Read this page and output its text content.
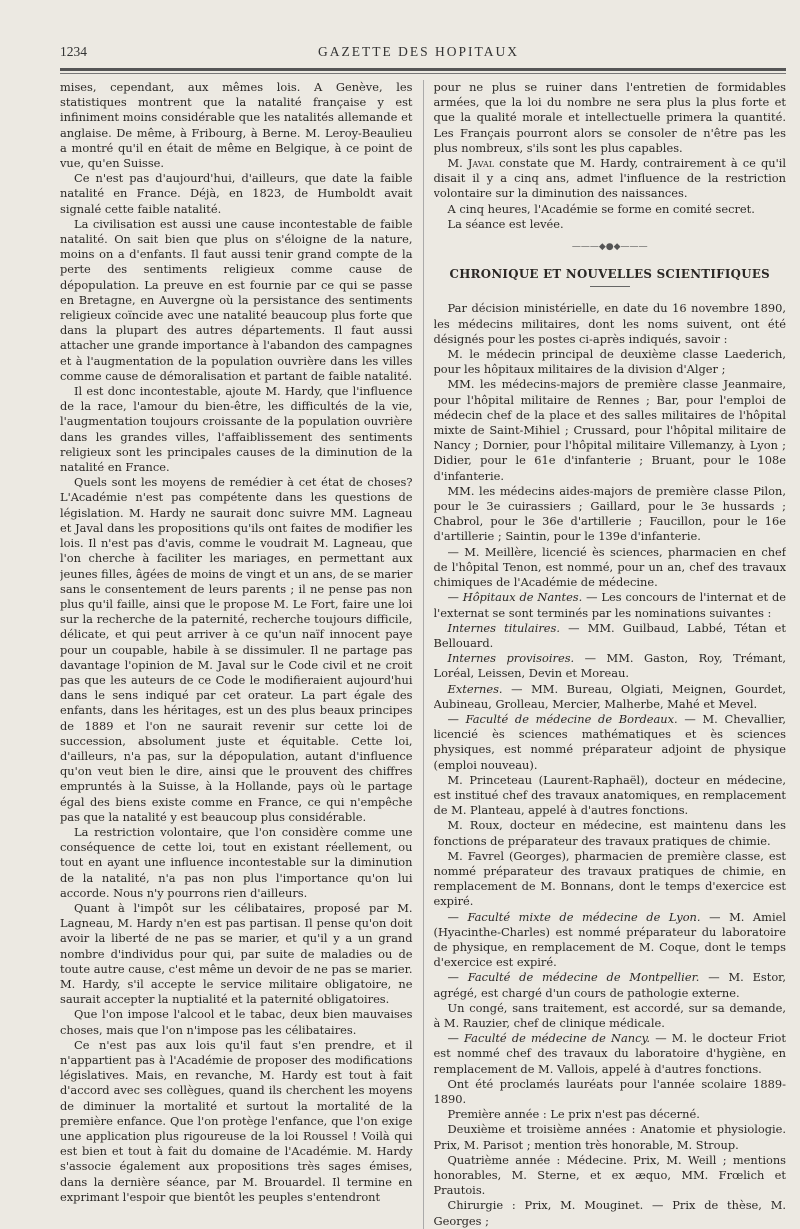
1234	GAZETTE DES HOPITAUX

mises, cependant, aux mêmes lois. A Genève, les statistiques montrent que la natalité française y est infiniment moins considérable que les natalités allemande et anglaise. De même, à Fribourg, à Berne. M. Leroy-Beaulieu a montré qu'il en était de même en Belgique, à ce point de vue, qu'en Suisse.

Ce n'est pas d'aujourd'hui, d'ailleurs, que date la faible natalité en France. Déjà, en 1823, de Humboldt avait signalé cette faible natalité.

La civilisation est aussi une cause incontestable de faible natalité. On sait bien que plus on s'éloigne de la nature, moins on a d'enfants. Il faut aussi tenir grand compte de la perte des sentiments religieux comme cause de dépopulation. La preuve en est fournie par ce qui se passe en Bretagne, en Auvergne où la persistance des sentiments religieux coïncide avec une natalité beaucoup plus forte que dans la plupart des autres départements. Il faut aussi attacher une grande importance à l'abandon des campagnes et à l'augmentation de la population ouvrière dans les villes comme cause de démoralisation et partant de faible natalité.

Il est donc incontestable, ajoute M. Hardy, que l'influence de la race, l'amour du bien-être, les difficultés de la vie, l'augmentation toujours croissante de la population ouvrière dans les grandes villes, l'affaiblissement des sentiments religieux sont les principales causes de la diminution de la natalité en France.

Quels sont les moyens de remédier à cet état de choses? L'Académie n'est pas compétente dans les questions de législation. M. Hardy ne saurait donc suivre MM. Lagneau et Javal dans les propositions qu'ils ont faites de modifier les lois. Il n'est pas d'avis, comme le voudrait M. Lagneau, que l'on cherche à faciliter les mariages, en permettant aux jeunes filles, âgées de moins de vingt et un ans, de se marier sans le consentement de leurs parents ; il ne pense pas non plus qu'il faille, ainsi que le propose M. Le Fort, faire une loi sur la recherche de la paternité, recherche toujours difficile, délicate, et qui peut arriver à ce qu'un naïf innocent paye pour un coupable, habile à se dissimuler. Il ne partage pas davantage l'opinion de M. Javal sur le Code civil et ne croit pas que les auteurs de ce Code le modifieraient aujourd'hui dans le sens indiqué par cet orateur. La part égale des enfants, dans les héritages, est un des plus beaux principes de 1889 et l'on ne saurait revenir sur cette loi de succession, absolument juste et équitable. Cette loi, d'ailleurs, n'a pas, sur la dépopulation, autant d'influence qu'on veut bien le dire, ainsi que le prouvent des chiffres empruntés à la Suisse, à la Hollande, pays où le partage égal des biens existe comme en France, ce qui n'empêche pas que la natalité y est beaucoup plus considérable.

La restriction volontaire, que l'on considère comme une conséquence de cette loi, tout en existant réellement, ou tout en ayant une influence incontestable sur la diminution de la natalité, n'a pas non plus l'importance qu'on lui accorde. Nous n'y pourrons rien d'ailleurs.

Quant à l'impôt sur les célibataires, proposé par M. Lagneau, M. Hardy n'en est pas partisan. Il pense qu'on doit avoir la liberté de ne pas se marier, et qu'il y a un grand nombre d'individus pour qui, par suite de maladies ou de toute autre cause, c'est même un devoir de ne pas se marier. M. Hardy, s'il accepte le service militaire obligatoire, ne saurait accepter la nuptialité et la paternité obligatoires.

Que l'on impose l'alcool et le tabac, deux bien mauvaises choses, mais que l'on n'impose pas les célibataires.

Ce n'est pas aux lois qu'il faut s'en prendre, et il n'appartient pas à l'Académie de proposer des modifications législatives. Mais, en revanche, M. Hardy est tout à fait d'accord avec ses collègues, quand ils cherchent les moyens de diminuer la mortalité et surtout la mortalité de la première enfance. Que l'on protège l'enfance, que l'on exige une application plus rigoureuse de la loi Roussel ! Voilà qui est bien et tout à fait du domaine de l'Académie. M. Hardy s'associe également aux propositions très sages émises, dans la dernière séance, par M. Brouardel. Il termine en exprimant l'espoir que bientôt les peuples s'entendront

pour ne plus se ruiner dans l'entretien de formidables armées, que la loi du nombre ne sera plus la plus forte et que la qualité morale et intellectuelle primera la quantité. Les Français pourront alors se consoler de n'être pas les plus nombreux, s'ils sont les plus capables.

M. Javal constate que M. Hardy, contrairement à ce qu'il disait il y a cinq ans, admet l'influence de la restriction volontaire sur la diminution des naissances.

A cinq heures, l'Académie se forme en comité secret.

La séance est levée.

———◆●◆———
CHRONIQUE ET NOUVELLES SCIENTIFIQUES

Par décision ministérielle, en date du 16 novembre 1890, les médecins militaires, dont les noms suivent, ont été désignés pour les postes ci-après indiqués, savoir :

M. le médecin principal de deuxième classe Laederich, pour les hôpitaux militaires de la division d'Alger ;

MM. les médecins-majors de première classe Jeanmaire, pour l'hôpital militaire de Rennes ; Bar, pour l'emploi de médecin chef de la place et des salles militaires de l'hôpital mixte de Saint-Mihiel ; Crussard, pour l'hôpital militaire de Nancy ; Dornier, pour l'hôpital militaire Villemanzy, à Lyon ; Didier, pour le 61e d'infanterie ; Bruant, pour le 108e d'infanterie.

MM. les médecins aides-majors de première classe Pilon, pour le 3e cuirassiers ; Gaillard, pour le 3e hussards ; Chabrol, pour le 36e d'artillerie ; Faucillon, pour le 16e d'artillerie ; Saintin, pour le 139e d'infanterie.

— M. Meillère, licencié ès sciences, pharmacien en chef de l'hôpital Tenon, est nommé, pour un an, chef des travaux chimiques de l'Académie de médecine.

— Hôpitaux de Nantes. — Les concours de l'internat et de l'externat se sont terminés par les nominations suivantes :

Internes titulaires. — MM. Guilbaud, Labbé, Tétan et Bellouard.

Internes provisoires. — MM. Gaston, Roy, Trémant, Loréal, Leissen, Devin et Moreau.

Externes. — MM. Bureau, Olgiati, Meignen, Gourdet, Aubineau, Grolleau, Mercier, Malherbe, Mahé et Mevel.

— Faculté de médecine de Bordeaux. — M. Chevallier, licencié ès sciences mathématiques et ès sciences physiques, est nommé préparateur adjoint de physique (emploi nouveau).

M. Princeteau (Laurent-Raphaël), docteur en médecine, est institué chef des travaux anatomiques, en remplacement de M. Planteau, appelé à d'autres fonctions.

M. Roux, docteur en médecine, est maintenu dans les fonctions de préparateur des travaux pratiques de chimie.

M. Favrel (Georges), pharmacien de première classe, est nommé préparateur des travaux pratiques de chimie, en remplacement de M. Bonnans, dont le temps d'exercice est expiré.

— Faculté mixte de médecine de Lyon. — M. Amiel (Hyacinthe-Charles) est nommé préparateur du laboratoire de physique, en remplacement de M. Coque, dont le temps d'exercice est expiré.

— Faculté de médecine de Montpellier. — M. Estor, agrégé, est chargé d'un cours de pathologie externe.

Un congé, sans traitement, est accordé, sur sa demande, à M. Rauzier, chef de clinique médicale.

— Faculté de médecine de Nancy. — M. le docteur Friot est nommé chef des travaux du laboratoire d'hygiène, en remplacement de M. Vallois, appelé à d'autres fonctions.

Ont été proclamés lauréats pour l'année scolaire 1889-1890.

Première année : Le prix n'est pas décerné.

Deuxième et troisième années : Anatomie et physiologie. Prix, M. Parisot ; mention très honorable, M. Stroup.

Quatrième année : Médecine. Prix, M. Weill ; mentions honorables, M. Sterne, et ex æquo, MM. Frœlich et Prautois.

Chirurgie : Prix, M. Mouginet. — Prix de thèse, M. Georges ;
